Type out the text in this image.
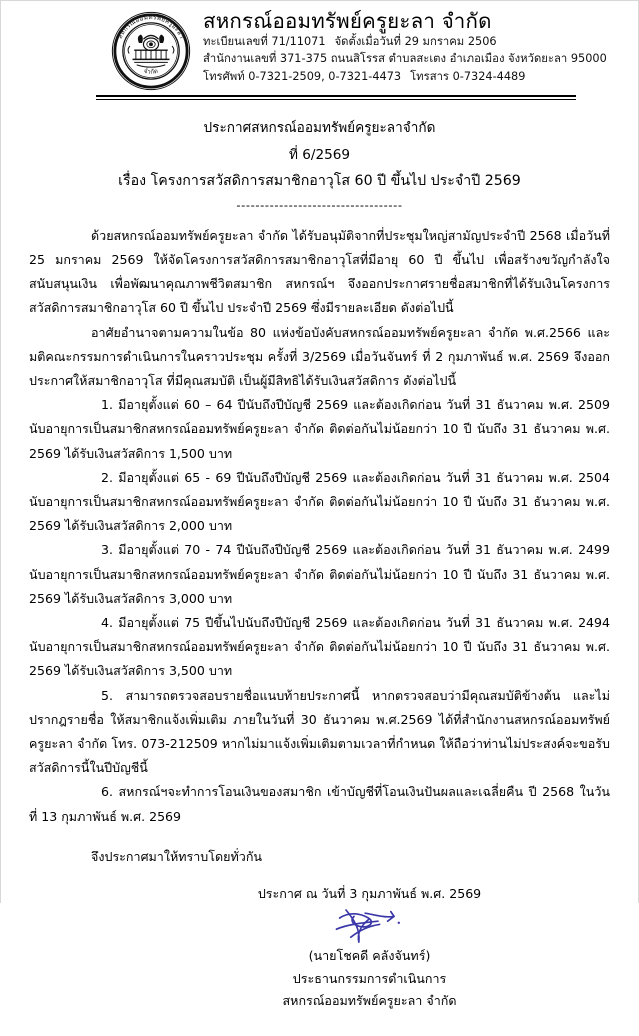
สหกรณ์ออมทรัพย์ครูยะลา
จำกัด
สหกรณ์ออมทรัพย์ครูยะลา จำกัด
ทะเบียนเลขที่ 71/11071 จัดตั้งเมื่อวันที่ 29 มกราคม 2506
สำนักงานเลขที่ 371-375 ถนนสิโรรส ตำบลสะเตง อำเภอเมือง จังหวัดยะลา 95000
โทรศัพท์ 0-7321-2509, 0-7321-4473 โทรสาร 0-7324-4489
ประกาศสหกรณ์ออมทรัพย์ครูยะลาจำกัด
ที่ 6/2569
เรื่อง โครงการสวัสดิการสมาชิกอาวุโส 60 ปี ขึ้นไป ประจำปี 2569
-----------------------------------

ด้วยสหกรณ์ออมทรัพย์ครูยะลา จำกัด ได้รับอนุมัติจากที่ประชุมใหญ่สามัญประจำปี 2568 เมื่อวันที่ 25 มกราคม 2569 ให้จัดโครงการสวัสดิการสมาชิกอาวุโสที่มีอายุ 60 ปี ขึ้นไป เพื่อสร้างขวัญกำลังใจ สนับสนุนเงิน เพื่อพัฒนาคุณภาพชีวิตสมาชิก สหกรณ์ฯ จึงออกประกาศรายชื่อสมาชิกที่ได้รับเงินโครงการสวัสดิการสมาชิกอาวุโส 60 ปี ขึ้นไป ประจำปี 2569 ซึ่งมีรายละเอียด ดังต่อไปนี้

อาศัยอำนาจตามความในข้อ 80 แห่งข้อบังคับสหกรณ์ออมทรัพย์ครูยะลา จำกัด พ.ศ.2566 และมติคณะกรรมการดำเนินการในคราวประชุม ครั้งที่ 3/2569 เมื่อวันจันทร์ ที่ 2 กุมภาพันธ์ พ.ศ. 2569 จึงออกประกาศให้สมาชิกอาวุโส ที่มีคุณสมบัติ เป็นผู้มีสิทธิได้รับเงินสวัสดิการ ดังต่อไปนี้

1. มีอายุตั้งแต่ 60 – 64 ปีนับถึงปีบัญชี 2569 และต้องเกิดก่อน วันที่ 31 ธันวาคม พ.ศ. 2509 นับอายุการเป็นสมาชิกสหกรณ์ออมทรัพย์ครูยะลา จำกัด ติดต่อกันไม่น้อยกว่า 10 ปี นับถึง 31 ธันวาคม พ.ศ. 2569 ได้รับเงินสวัสดิการ 1,500 บาท

2. มีอายุตั้งแต่ 65 - 69 ปีนับถึงปีบัญชี 2569 และต้องเกิดก่อน วันที่ 31 ธันวาคม พ.ศ. 2504 นับอายุการเป็นสมาชิกสหกรณ์ออมทรัพย์ครูยะลา จำกัด ติดต่อกันไม่น้อยกว่า 10 ปี นับถึง 31 ธันวาคม พ.ศ. 2569 ได้รับเงินสวัสดิการ 2,000 บาท

3. มีอายุตั้งแต่ 70 - 74 ปีนับถึงปีบัญชี 2569 และต้องเกิดก่อน วันที่ 31 ธันวาคม พ.ศ. 2499 นับอายุการเป็นสมาชิกสหกรณ์ออมทรัพย์ครูยะลา จำกัด ติดต่อกันไม่น้อยกว่า 10 ปี นับถึง 31 ธันวาคม พ.ศ. 2569 ได้รับเงินสวัสดิการ 3,000 บาท

4. มีอายุตั้งแต่ 75 ปีขึ้นไปนับถึงปีบัญชี 2569 และต้องเกิดก่อน วันที่ 31 ธันวาคม พ.ศ. 2494 นับอายุการเป็นสมาชิกสหกรณ์ออมทรัพย์ครูยะลา จำกัด ติดต่อกันไม่น้อยกว่า 10 ปี นับถึง 31 ธันวาคม พ.ศ. 2569 ได้รับเงินสวัสดิการ 3,500 บาท

5. สามารถตรวจสอบรายชื่อแนบท้ายประกาศนี้ หากตรวจสอบว่ามีคุณสมบัติข้างต้น และไม่ปรากฎรายชื่อ ให้สมาชิกแจ้งเพิ่มเติม ภายในวันที่ 30 ธันวาคม พ.ศ.2569 ได้ที่สำนักงานสหกรณ์ออมทรัพย์ครูยะลา จำกัด โทร. 073-212509 หากไม่มาแจ้งเพิ่มเติมตามเวลาที่กำหนด ให้ถือว่าท่านไม่ประสงค์จะขอรับสวัสดิการนี้ในปีบัญชีนี้

6. สหกรณ์ฯจะทำการโอนเงินของสมาชิก เข้าบัญชีที่โอนเงินปันผลและเฉลี่ยคืน ปี 2568 ในวันที่ 13 กุมภาพันธ์ พ.ศ. 2569

จึงประกาศมาให้ทราบโดยทั่วกัน
ประกาศ ณ วันที่ 3 กุมภาพันธ์ พ.ศ. 2569
(นายโชคดี คลังจันทร์)
ประธานกรรมการดำเนินการ
สหกรณ์ออมทรัพย์ครูยะลา จำกัด
